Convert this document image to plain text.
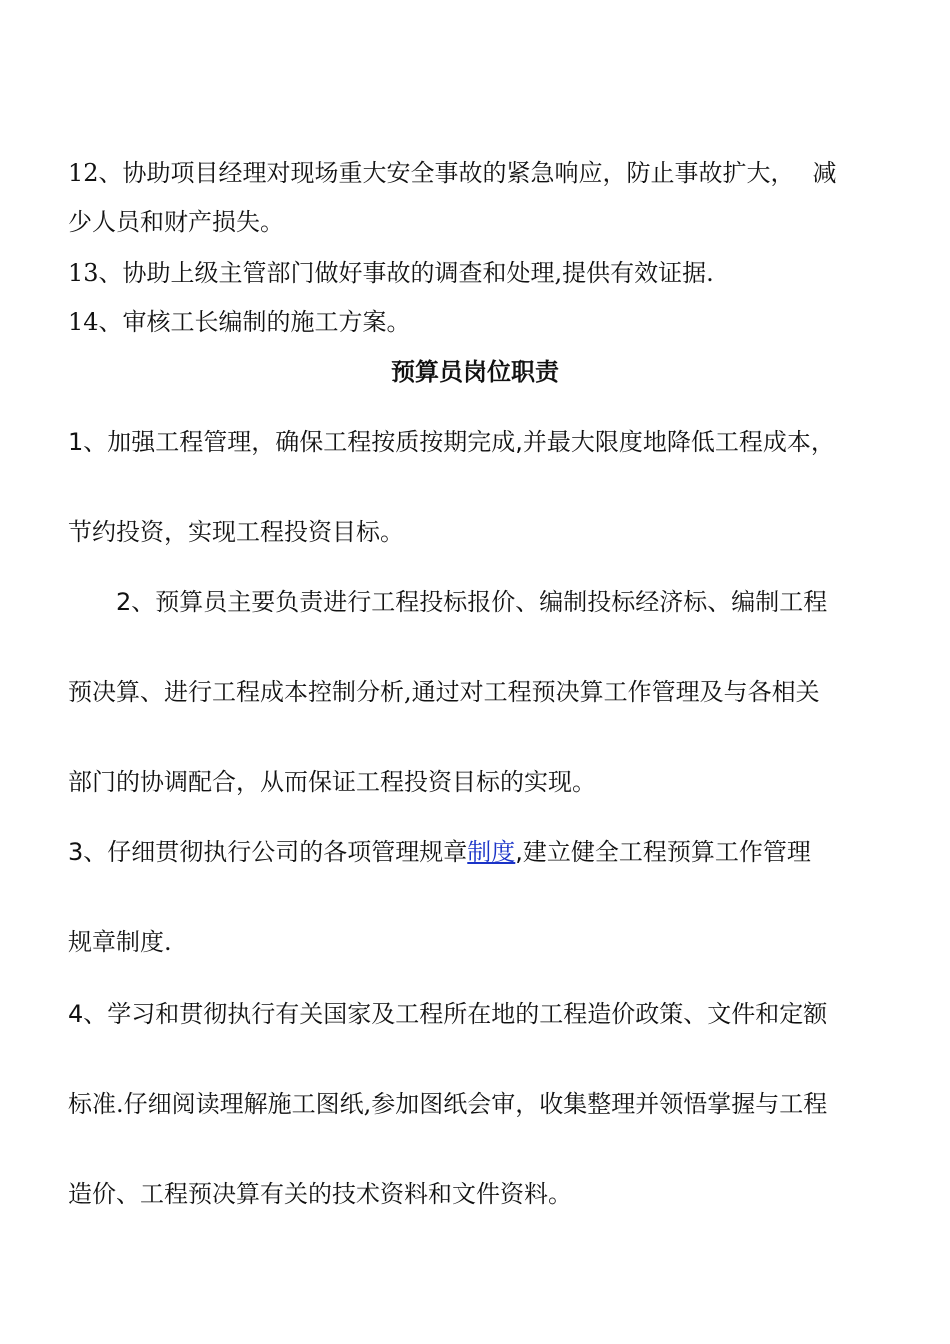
12、协助项目经理对现场重大安全事故的紧急响应，防止事故扩大， 减
少人员和财产损失。
13、协助上级主管部门做好事故的调查和处理,提供有效证据.
14、审核工长编制的施工方案。
预算员岗位职责
1、加强工程管理，确保工程按质按期完成,并最大限度地降低工程成本，
节约投资，实现工程投资目标。
2、预算员主要负责进行工程投标报价、编制投标经济标、编制工程
预决算、进行工程成本控制分析,通过对工程预决算工作管理及与各相关
部门的协调配合，从而保证工程投资目标的实现。
3、仔细贯彻执行公司的各项管理规章制度,建立健全工程预算工作管理
规章制度.
4、学习和贯彻执行有关国家及工程所在地的工程造价政策、文件和定额
标准.仔细阅读理解施工图纸,参加图纸会审，收集整理并领悟掌握与工程
造价、工程预决算有关的技术资料和文件资料。
